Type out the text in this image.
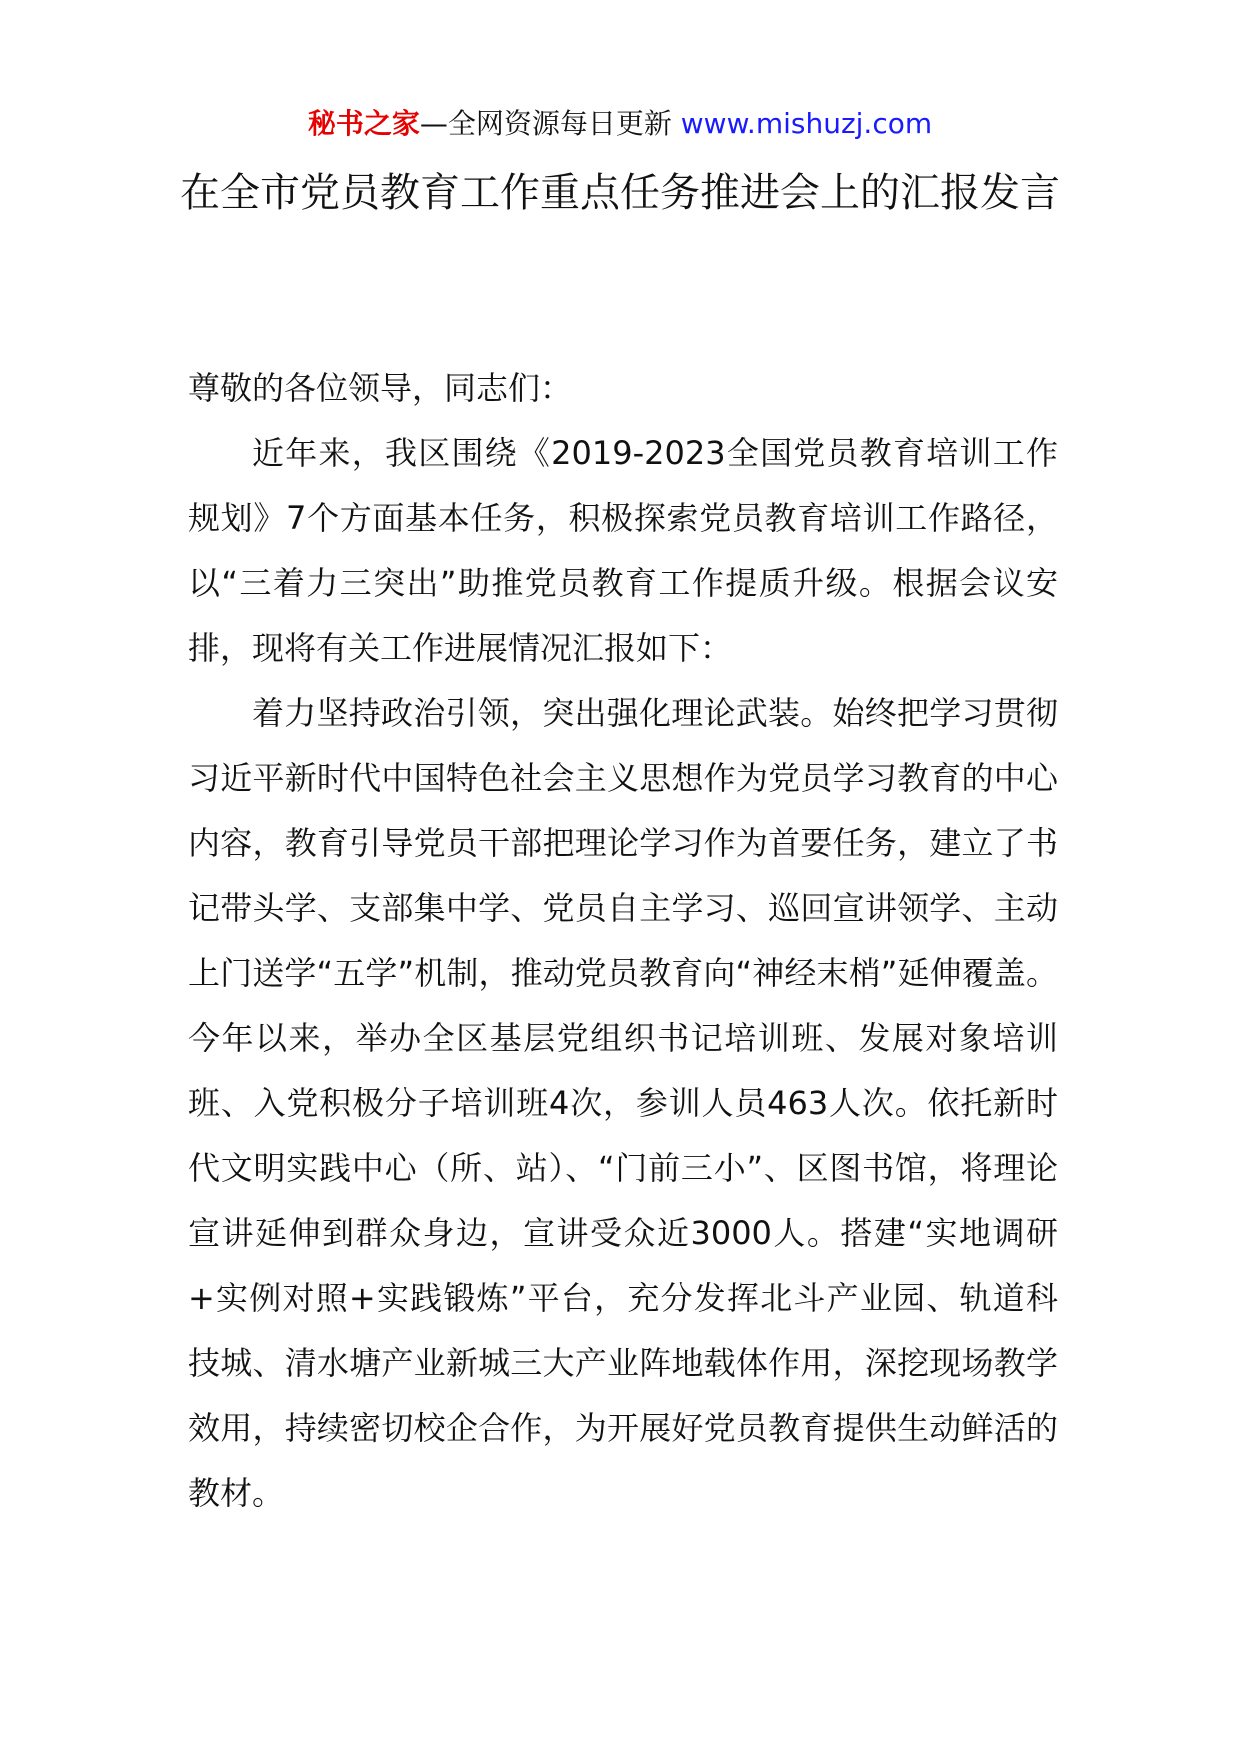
秘书之家—全网资源每日更新 www.mishuzj.com
在全市党员教育工作重点任务推进会上的汇报发言

尊敬的各位领导，同志们：

近年来，我区围绕《2019-2023全国党员教育培训工作规划》7个方面基本任务，积极探索党员教育培训工作路径，以“三着力三突出”助推党员教育工作提质升级。根据会议安排，现将有关工作进展情况汇报如下：

着力坚持政治引领，突出强化理论武装。始终把学习贯彻习近平新时代中国特色社会主义思想作为党员学习教育的中心内容，教育引导党员干部把理论学习作为首要任务，建立了书记带头学、支部集中学、党员自主学习、巡回宣讲领学、主动上门送学“五学”机制，推动党员教育向“神经末梢”延伸覆盖。今年以来，举办全区基层党组织书记培训班、发展对象培训班、入党积极分子培训班4次，参训人员463人次。依托新时代文明实践中心（所、站）、“门前三小”、区图书馆，将理论宣讲延伸到群众身边，宣讲受众近3000人。搭建“实地调研+实例对照+实践锻炼”平台，充分发挥北斗产业园、轨道科技城、清水塘产业新城三大产业阵地载体作用，深挖现场教学效用，持续密切校企合作，为开展好党员教育提供生动鲜活的教材。
